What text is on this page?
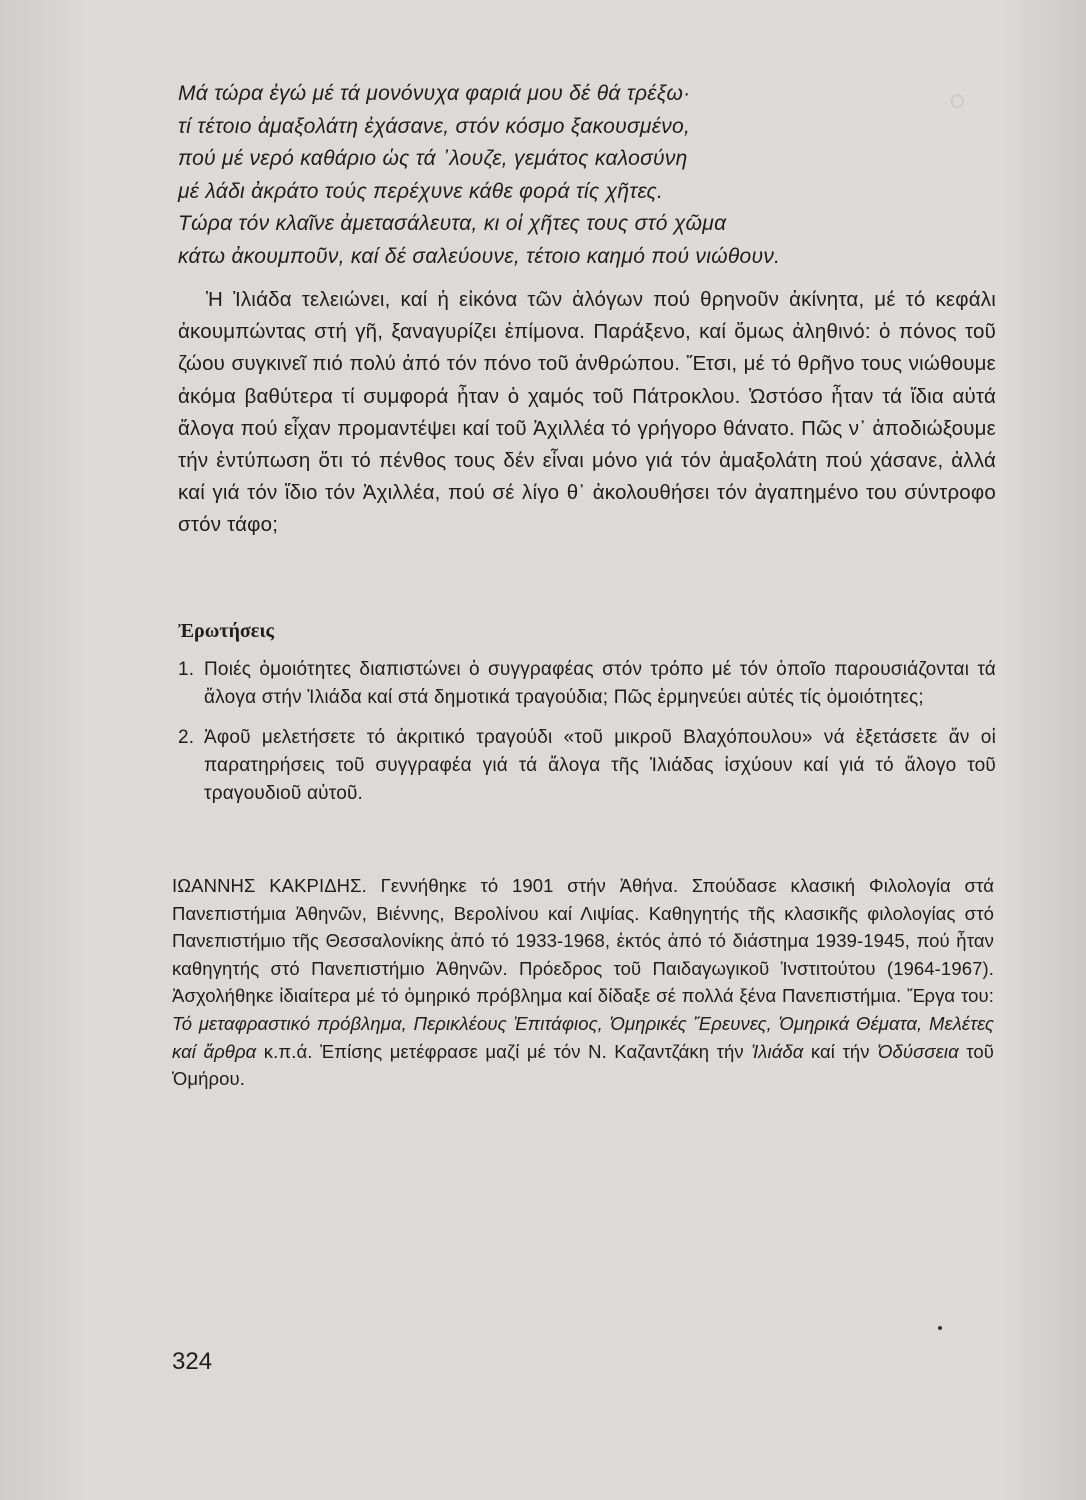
Ο
Μά τώρα ἐγώ μέ τά μονόνυχα φαριά μου δέ θά τρέξω·
τί τέτοιο ἁμαξολάτη ἐχάσανε, στόν κόσμο ξακουσμένο,
πού μέ νερό καθάριο ὡς τά ᾽λουζε, γεμάτος καλοσύνη
μέ λάδι ἀκράτο τούς περέχυνε κάθε φορά τίς χῆτες.
Τώρα τόν κλαῖνε ἀμετασάλευτα, κι οἱ χῆτες τους στό χῶμα
κάτω ἀκουμποῦν, καί δέ σαλεύουνε, τέτοιο καημό πού νιώθουν.
Ἡ Ἰλιάδα τελειώνει, καί ἡ εἰκόνα τῶν ἀλόγων πού θρηνοῦν ἀκίνητα, μέ τό κεφάλι ἀκουμπώντας στή γῆ, ξαναγυρίζει ἐπίμονα. Παράξενο, καί ὅμως ἀληθινό: ὁ πόνος τοῦ ζώου συγκινεῖ πιό πολύ ἀπό τόν πόνο τοῦ ἀνθρώπου. Ἔτσι, μέ τό θρῆνο τους νιώθουμε ἀκόμα βαθύτερα τί συμφορά ἦταν ὁ χαμός τοῦ Πάτροκλου. Ὡστόσο ἦταν τά ἴδια αὐτά ἄλογα πού εἶχαν προμαντέψει καί τοῦ Ἀχιλλέα τό γρήγορο θάνατο. Πῶς ν᾽ ἀποδιώξουμε τήν ἐντύπωση ὅτι τό πένθος τους δέν εἶναι μόνο γιά τόν ἁμαξολάτη πού χάσανε, ἀλλά καί γιά τόν ἴδιο τόν Ἀχιλλέα, πού σέ λίγο θ᾽ ἀκολουθήσει τόν ἀγαπημένο του σύντροφο στόν τάφο;
Ἐρωτήσεις
1. Ποιές ὁμοιότητες διαπιστώνει ὁ συγγραφέας στόν τρόπο μέ τόν ὁποῖο παρουσιάζονται τά ἄλογα στήν Ἰλιάδα καί στά δημοτικά τραγούδια; Πῶς ἑρμηνεύει αὐτές τίς ὁμοιότητες;
2. Ἀφοῦ μελετήσετε τό ἀκριτικό τραγούδι «τοῦ μικροῦ Βλαχόπουλου» νά ἐξετάσετε ἄν οἱ παρατηρήσεις τοῦ συγγραφέα γιά τά ἄλογα τῆς Ἰλιάδας ἰσχύουν καί γιά τό ἄλογο τοῦ τραγουδιοῦ αὐτοῦ.
ΙΩΑΝΝΗΣ ΚΑΚΡΙΔΗΣ. Γεννήθηκε τό 1901 στήν Ἀθήνα. Σπούδασε κλασική Φιλολογία στά Πανεπιστήμια Ἀθηνῶν, Βιέννης, Βερολίνου καί Λιψίας. Καθηγητής τῆς κλασικῆς φιλολογίας στό Πανεπιστήμιο τῆς Θεσσαλονίκης ἀπό τό 1933-1968, ἐκτός ἀπό τό διάστημα 1939-1945, πού ἦταν καθηγητής στό Πανεπιστήμιο Ἀθηνῶν. Πρόεδρος τοῦ Παιδαγωγικοῦ Ἰνστιτούτου (1964-1967). Ἀσχολήθηκε ἰδιαίτερα μέ τό ὁμηρικό πρόβλημα καί δίδαξε σέ πολλά ξένα Πανεπιστήμια. Ἔργα του: Τό μεταφραστικό πρόβλημα, Περικλέους Ἐπιτάφιος, Ὁμηρικές Ἔρευνες, Ὁμηρικά Θέματα, Μελέτες καί ἄρθρα κ.π.ά. Ἐπίσης μετέφρασε μαζί μέ τόν Ν. Καζαντζάκη τήν Ἰλιάδα καί τήν Ὀδύσσεια τοῦ Ὁμήρου.
324
